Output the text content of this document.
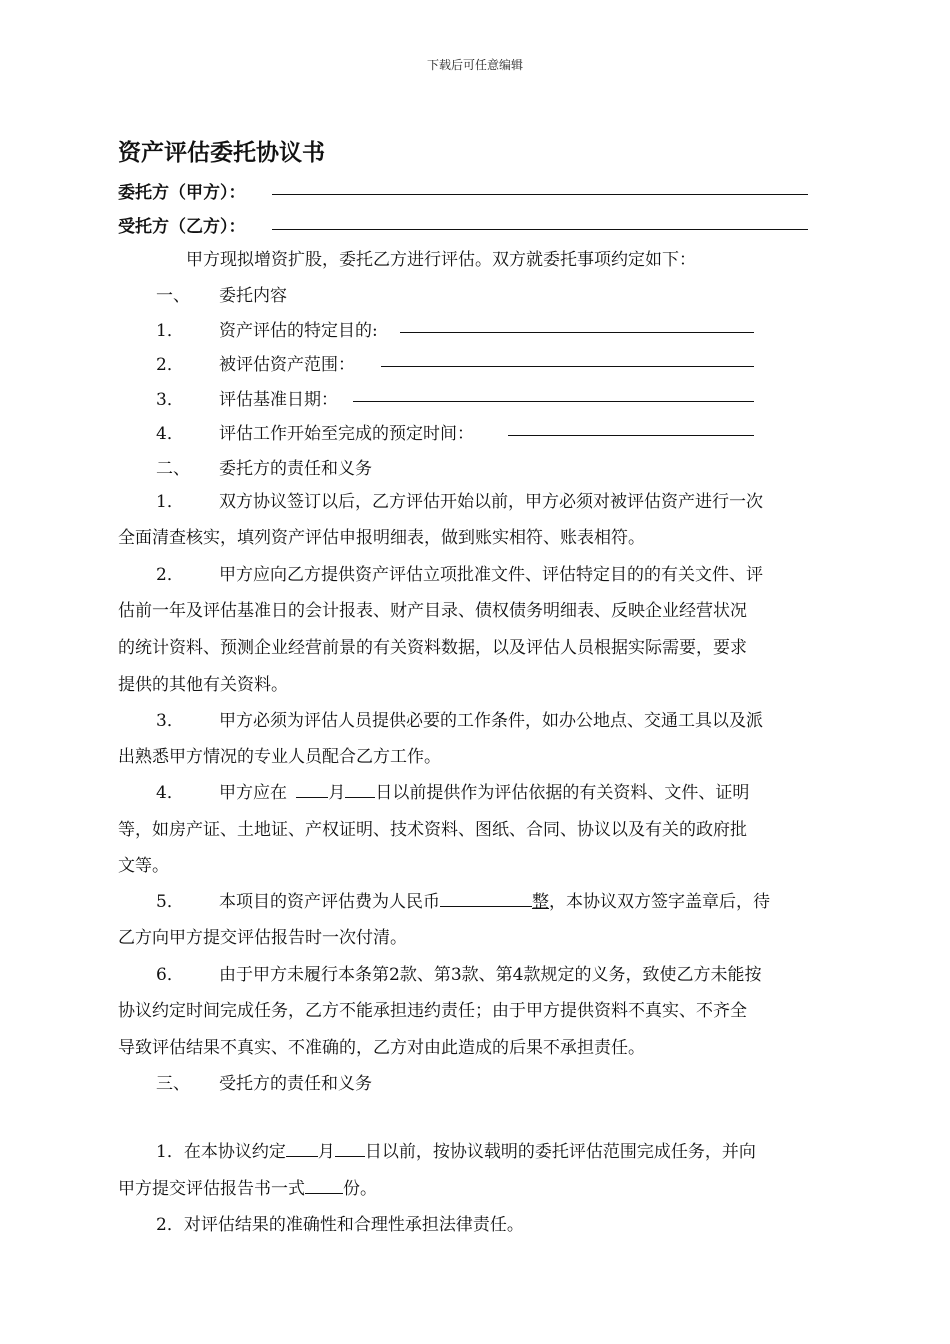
下载后可任意编辑
资产评估委托协议书
委托方（甲方）：
受托方（乙方）：
甲方现拟增资扩股，委托乙方进行评估。双方就委托事项约定如下：
一、 委托内容
1． 资产评估的特定目的:
2． 被评估资产范围：
3． 评估基准日期：
4． 评估工作开始至完成的预定时间：
二、 委托方的责任和义务
1． 双方协议签订以后，乙方评估开始以前，甲方必须对被评估资产进行一次
全面清查核实，填列资产评估申报明细表，做到账实相符、账表相符。
2． 甲方应向乙方提供资产评估立项批准文件、评估特定目的的有关文件、评
估前一年及评估基准日的会计报表、财产目录、债权债务明细表、反映企业经营状况
的统计资料、预测企业经营前景的有关资料数据，以及评估人员根据实际需要，要求
提供的其他有关资料。
3． 甲方必须为评估人员提供必要的工作条件，如办公地点、交通工具以及派
出熟悉甲方情况的专业人员配合乙方工作。
4． 甲方应在 月 日以前提供作为评估依据的有关资料、文件、证明
等，如房产证、土地证、产权证明、技术资料、图纸、合同、协议以及有关的政府批
文等。
5． 本项目的资产评估费为人民币	整，本协议双方签字盖章后，待
乙方向甲方提交评估报告时一次付清。
6． 由于甲方未履行本条第2款、第3款、第4款规定的义务，致使乙方未能按
协议约定时间完成任务，乙方不能承担违约责任；由于甲方提供资料不真实、不齐全
导致评估结果不真实、不准确的，乙方对由此造成的后果不承担责任。
三、 受托方的责任和义务
1．在本协议约定 月 日以前，按协议载明的委托评估范围完成任务，并向
甲方提交评估报告书一式 份。
2．对评估结果的准确性和合理性承担法律责任。
